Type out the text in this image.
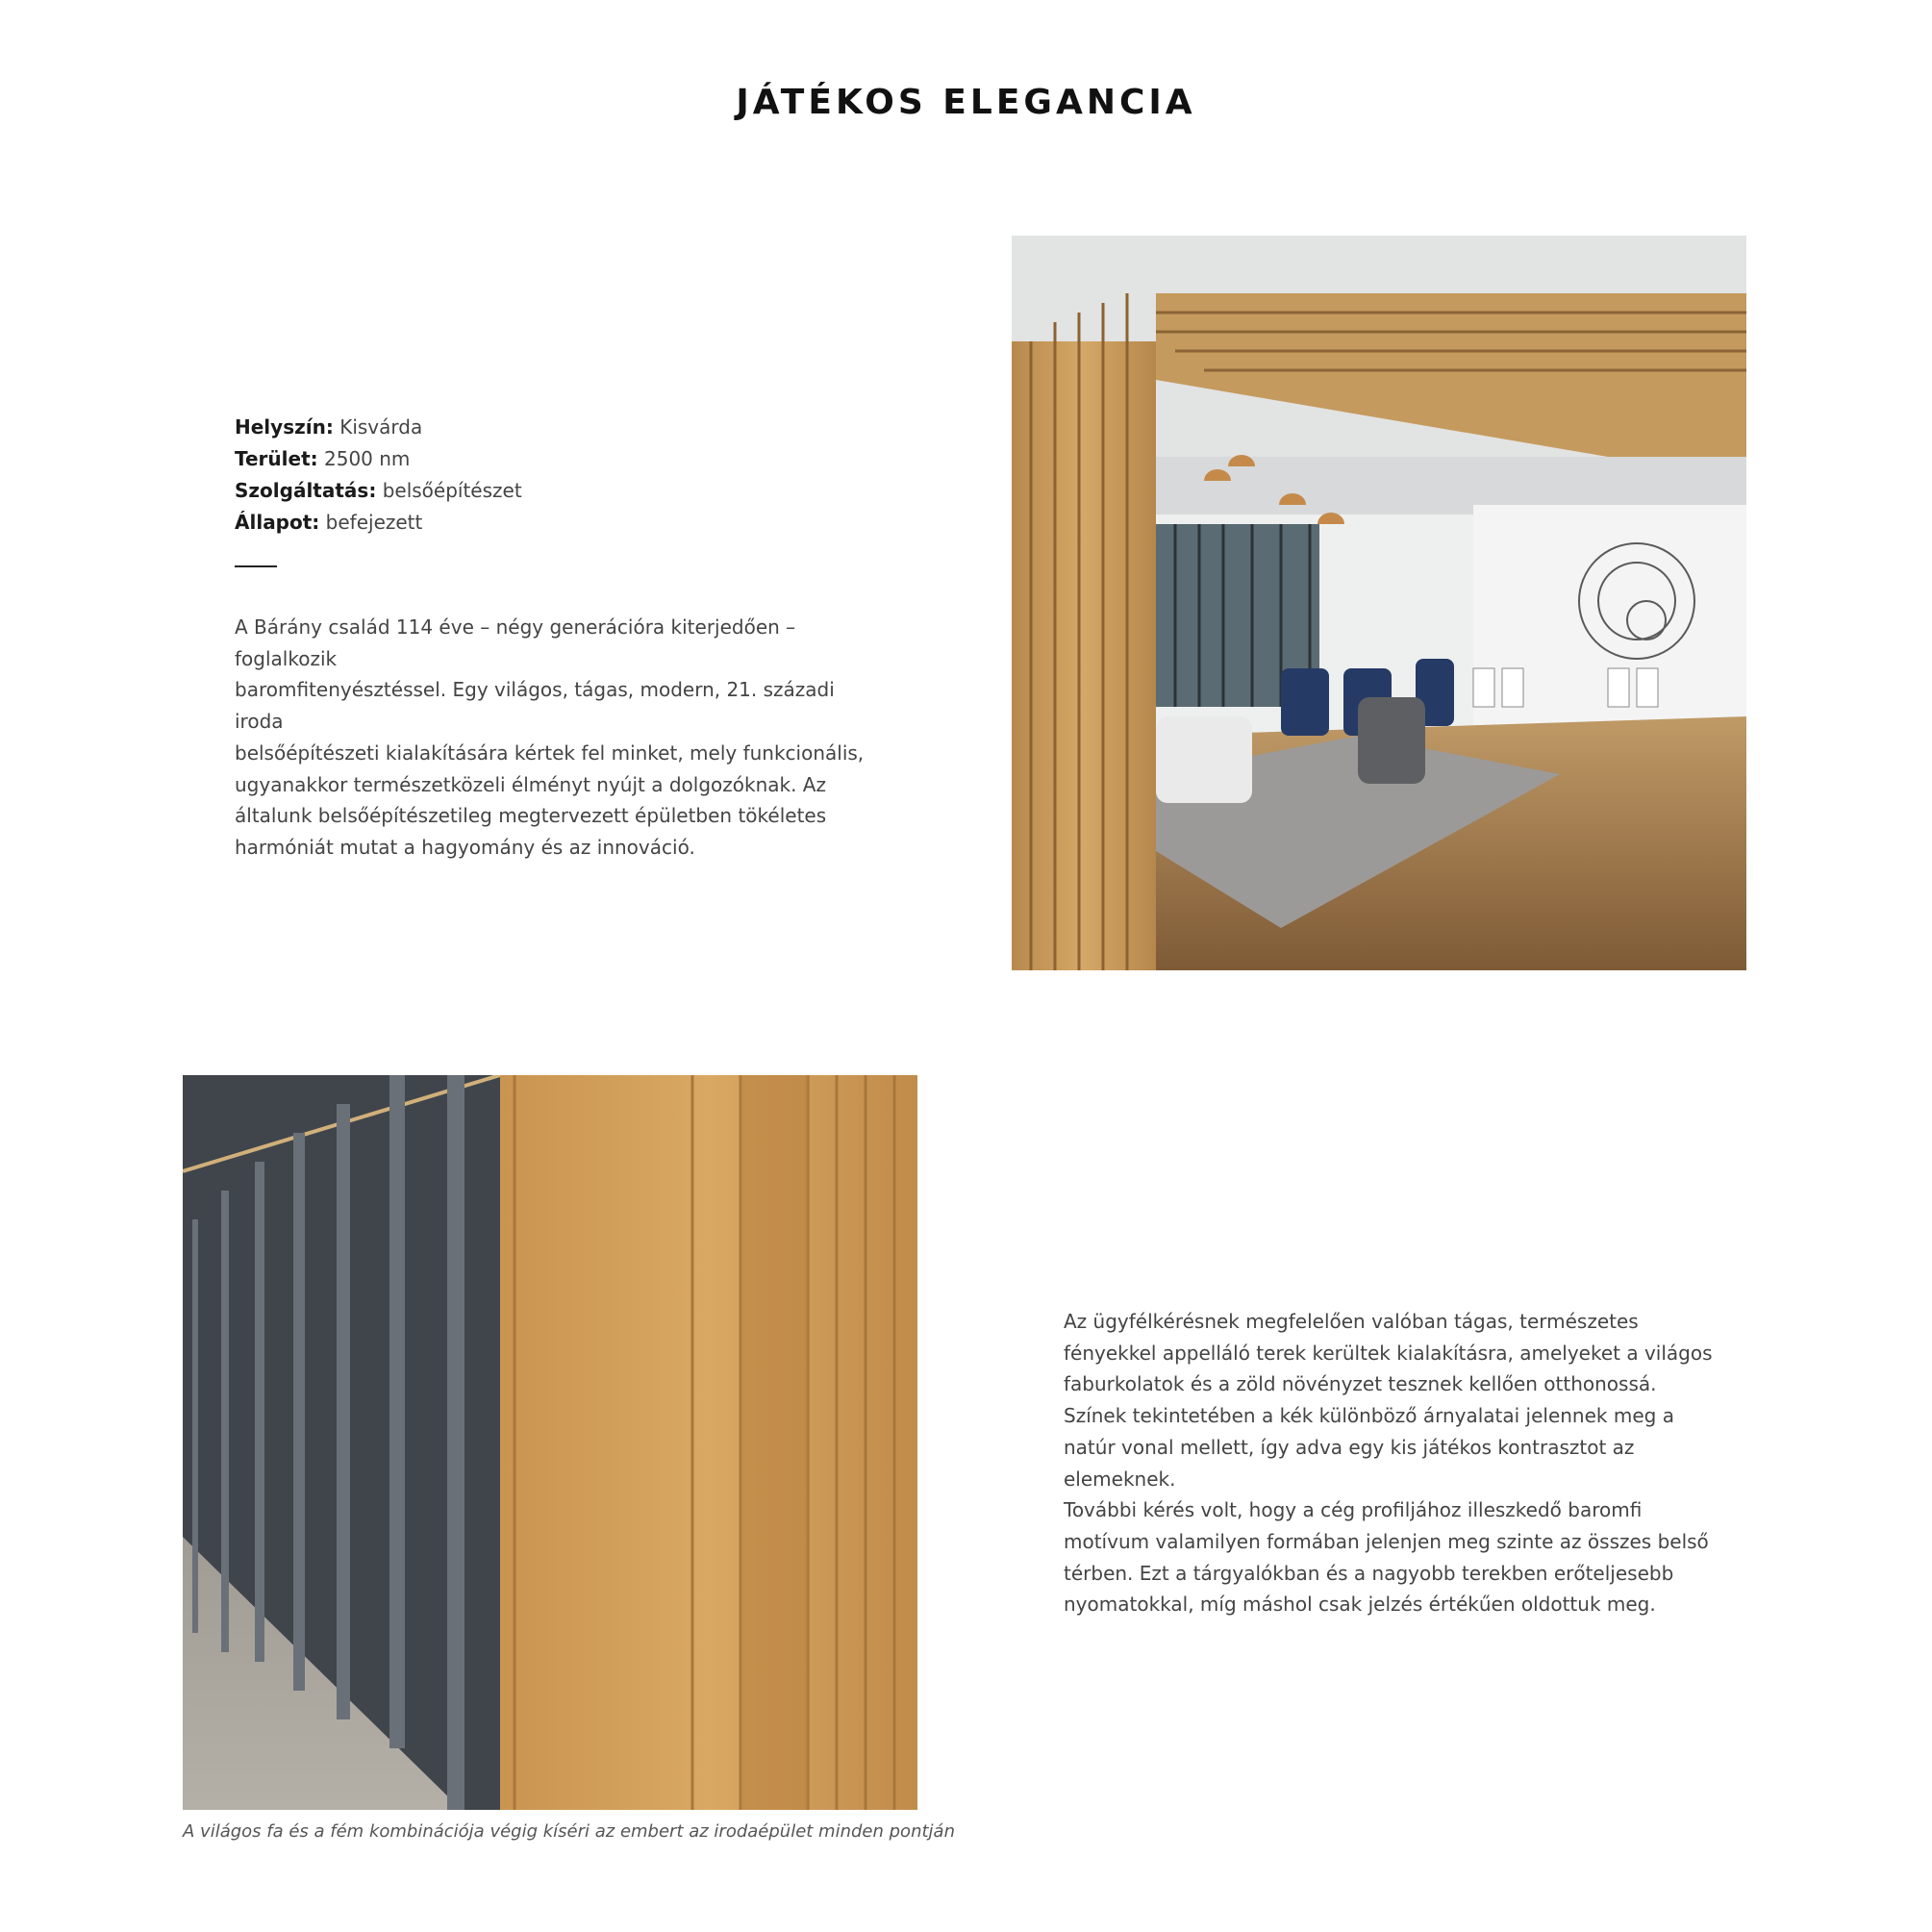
JÁTÉKOS ELEGANCIA
Helyszín: Kisvárda
Terület: 2500 nm
Szolgáltatás: belsőépítészet
Állapot: befejezett
A Bárány család 114 éve – négy generációra kiterjedően – foglalkozik
baromfitenyésztéssel. Egy világos, tágas, modern, 21. századi iroda
belsőépítészeti kialakítására kértek fel minket, mely funkcionális,
ugyanakkor természetközeli élményt nyújt a dolgozóknak. Az
általunk belsőépítészetileg megtervezett épületben tökéletes
harmóniát mutat a hagyomány és az innováció.
A világos fa és a fém kombinációja végig kíséri az embert az irodaépület minden pontján
Az ügyfélkérésnek megfelelően valóban tágas, természetes
fényekkel appelláló terek kerültek kialakításra, amelyeket a világos
faburkolatok és a zöld növényzet tesznek kellően otthonossá.
Színek tekintetében a kék különböző árnyalatai jelennek meg a
natúr vonal mellett, így adva egy kis játékos kontrasztot az
elemeknek.
További kérés volt, hogy a cég profiljához illeszkedő baromfi
motívum valamilyen formában jelenjen meg szinte az összes belső
térben. Ezt a tárgyalókban és a nagyobb terekben erőteljesebb
nyomatokkal, míg máshol csak jelzés értékűen oldottuk meg.
